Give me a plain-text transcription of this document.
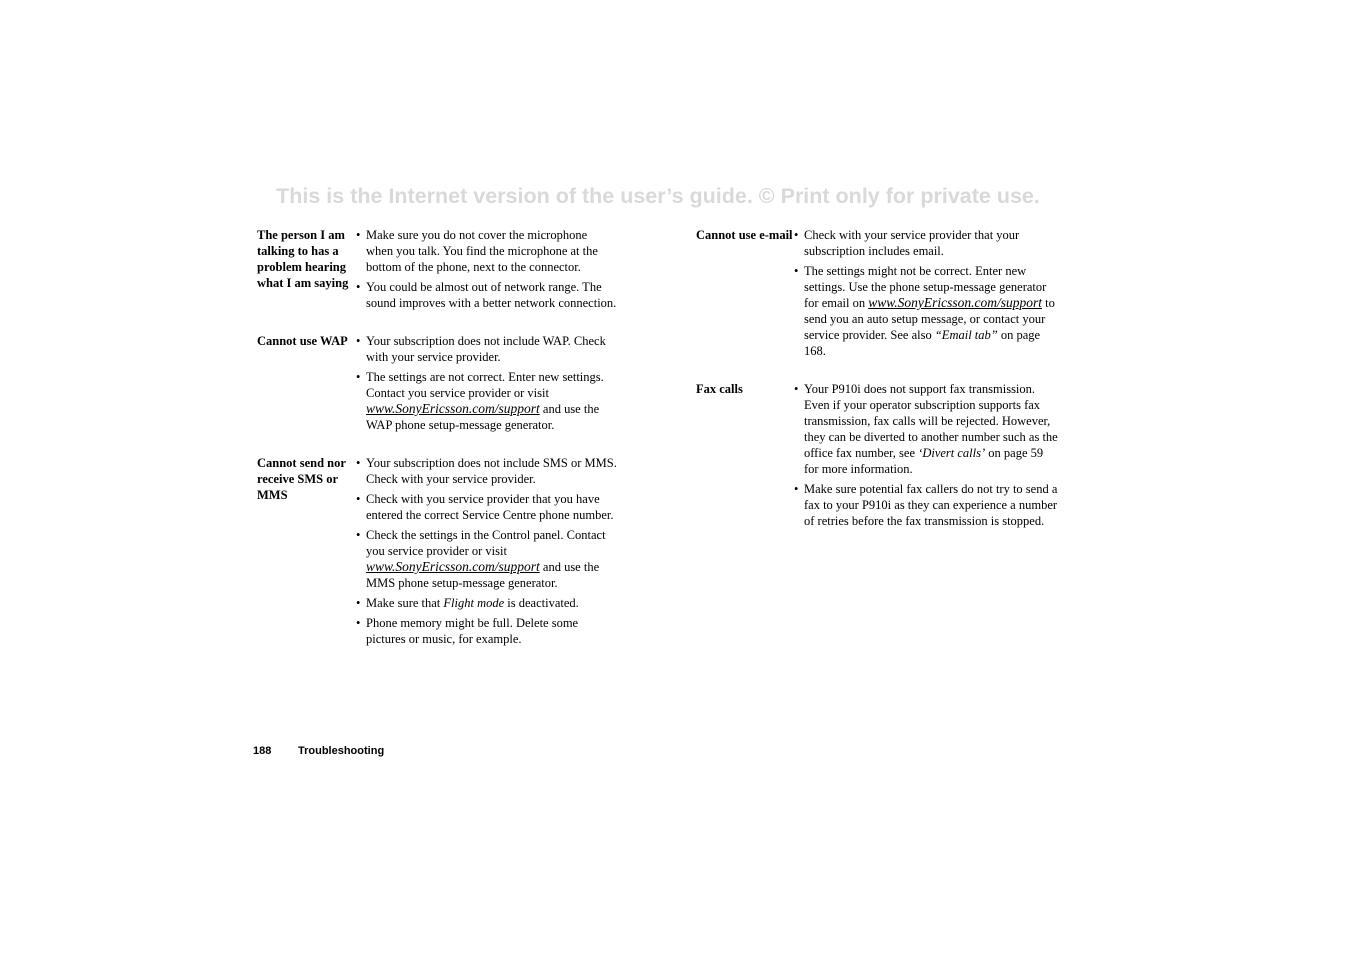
This is the Internet version of the user’s guide. © Print only for private use.
The person I am talking to has a problem hearing what I am saying
• Make sure you do not cover the microphone when you talk. You find the microphone at the bottom of the phone, next to the connector.
• You could be almost out of network range. The sound improves with a better network connection.
Cannot use WAP	• Your subscription does not include WAP. Check with your service provider.
• The settings are not correct. Enter new settings. Contact you service provider or visit www.SonyEricsson.com/support and use the WAP phone setup-message generator.
Cannot send nor receive SMS or MMS
• Your subscription does not include SMS or MMS. Check with your service provider.
• Check with you service provider that you have entered the correct Service Centre phone number.
• Check the settings in the Control panel. Contact you service provider or visit www.SonyEricsson.com/support and use the MMS phone setup-message generator.
• Make sure that Flight mode is deactivated.
• Phone memory might be full. Delete some pictures or music, for example.
Cannot use e-mail • Check with your service provider that your subscription includes email.
• The settings might not be correct. Enter new settings. Use the phone setup-message generator for email on www.SonyEricsson.com/support to send you an auto setup message, or contact your service provider. See also “Email tab” on page 168.
Fax calls	• Your P910i does not support fax transmission. Even if your operator subscription supports fax transmission, fax calls will be rejected. However, they can be diverted to another number such as the office fax number, see ‘Divert calls’ on page 59 for more information.
• Make sure potential fax callers do not try to send a fax to your P910i as they can experience a number of retries before the fax transmission is stopped.
188 Troubleshooting
